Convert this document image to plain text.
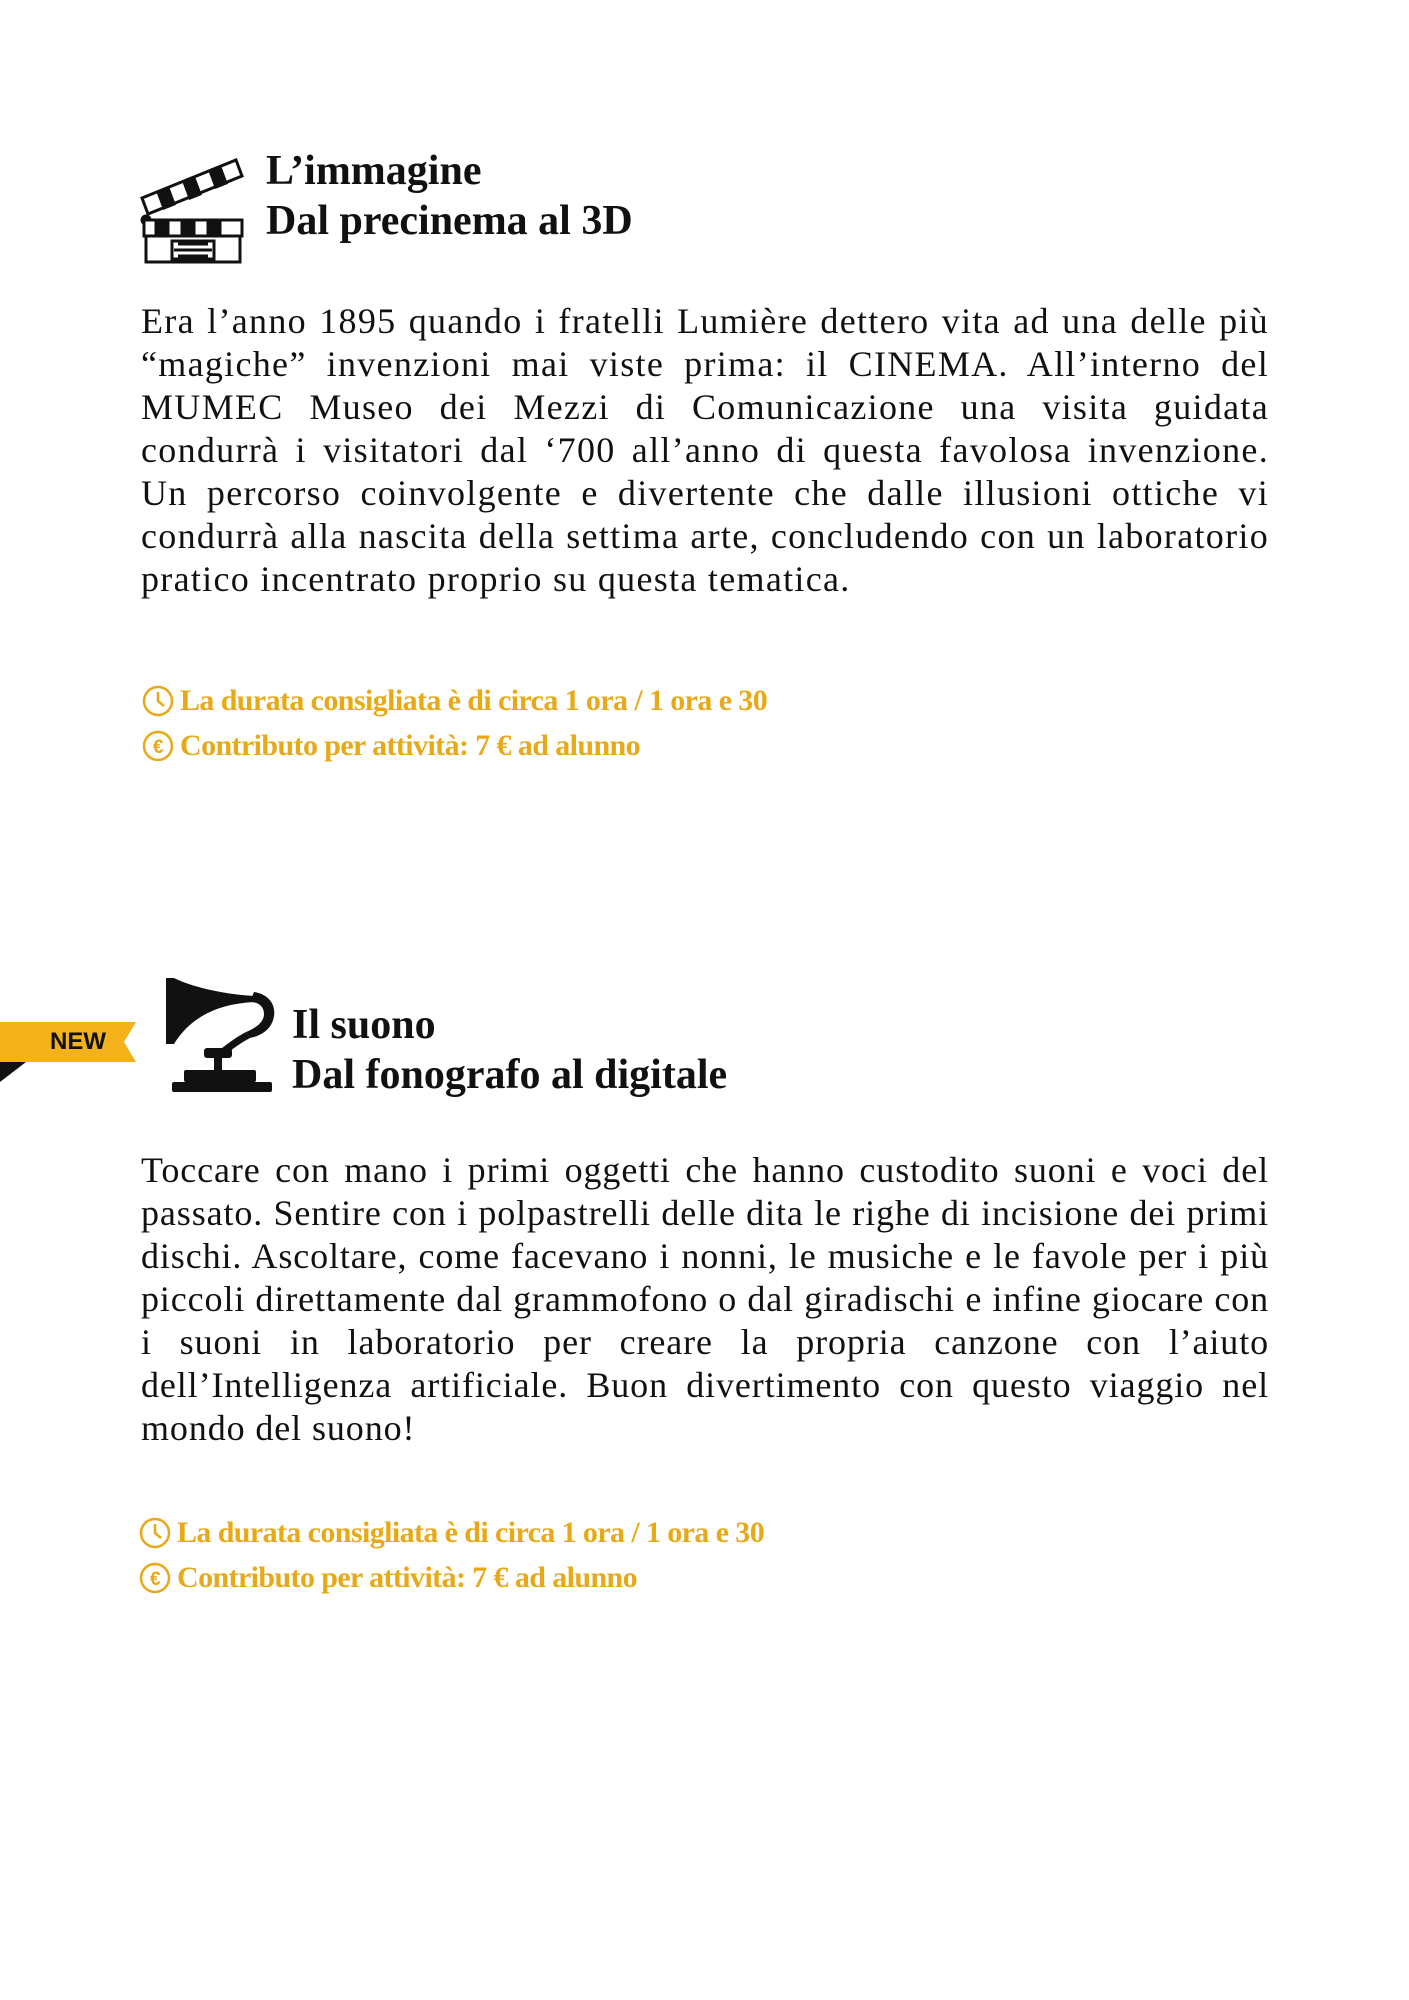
L’immagine
Dal precinema al 3D

Era l’anno 1895 quando i fratelli Lumière dettero vita ad una delle più “magiche” invenzioni mai viste prima: il CINEMA. All’interno del MUMEC Museo dei Mezzi di Comunicazione una visita guidata condurrà i visitatori dal ‘700 all’anno di questa favolosa invenzione. Un percorso coinvolgente e divertente che dalle illusioni ottiche vi condurrà alla nascita della settima arte, concludendo con un laboratorio pratico incentrato proprio su questa tematica.

La durata consigliata è di circa 1 ora / 1 ora e 30
€ Contributo per attività: 7 € ad alunno
NEW	Il suono
Dal fonografo al digitale

Toccare con mano i primi oggetti che hanno custodito suoni e voci del passato. Sentire con i polpastrelli delle dita le righe di incisione dei primi dischi. Ascoltare, come facevano i nonni, le musiche e le favole per i più piccoli direttamente dal grammofono o dal giradischi e infine giocare con i suoni in laboratorio per creare la propria canzone con l’aiuto dell’Intelligenza artificiale. Buon divertimento con questo viaggio nel mondo del suono!

La durata consigliata è di circa 1 ora / 1 ora e 30
€ Contributo per attività: 7 € ad alunno
